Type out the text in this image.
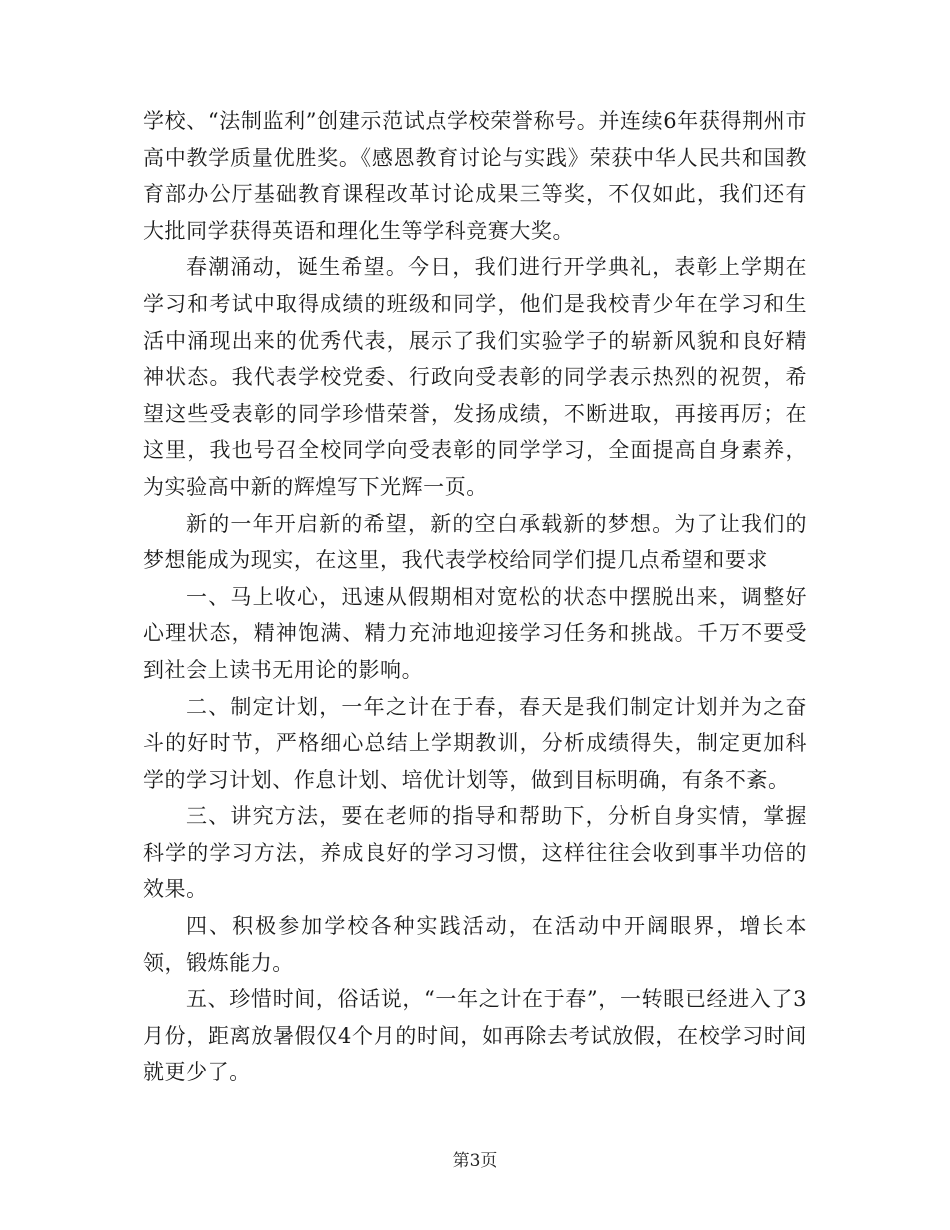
学校、“法制监利”创建示范试点学校荣誉称号。并连续6年获得荆州市高中教学质量优胜奖。《感恩教育讨论与实践》荣获中华人民共和国教育部办公厅基础教育课程改革讨论成果三等奖，不仅如此，我们还有大批同学获得英语和理化生等学科竞赛大奖。

春潮涌动，诞生希望。今日，我们进行开学典礼，表彰上学期在学习和考试中取得成绩的班级和同学，他们是我校青少年在学习和生活中涌现出来的优秀代表，展示了我们实验学子的崭新风貌和良好精神状态。我代表学校党委、行政向受表彰的同学表示热烈的祝贺，希望这些受表彰的同学珍惜荣誉，发扬成绩，不断进取，再接再厉；在这里，我也号召全校同学向受表彰的同学学习，全面提高自身素养，为实验高中新的辉煌写下光辉一页。

新的一年开启新的希望，新的空白承载新的梦想。为了让我们的梦想能成为现实，在这里，我代表学校给同学们提几点希望和要求

一、马上收心，迅速从假期相对宽松的状态中摆脱出来，调整好心理状态，精神饱满、精力充沛地迎接学习任务和挑战。千万不要受到社会上读书无用论的影响。

二、制定计划，一年之计在于春，春天是我们制定计划并为之奋斗的好时节，严格细心总结上学期教训，分析成绩得失，制定更加科学的学习计划、作息计划、培优计划等，做到目标明确，有条不紊。

三、讲究方法，要在老师的指导和帮助下，分析自身实情，掌握科学的学习方法，养成良好的学习习惯，这样往往会收到事半功倍的效果。

四、积极参加学校各种实践活动，在活动中开阔眼界，增长本领，锻炼能力。

五、珍惜时间，俗话说，“一年之计在于春”，一转眼已经进入了3月份，距离放暑假仅4个月的时间，如再除去考试放假，在校学习时间就更少了。

第3页
